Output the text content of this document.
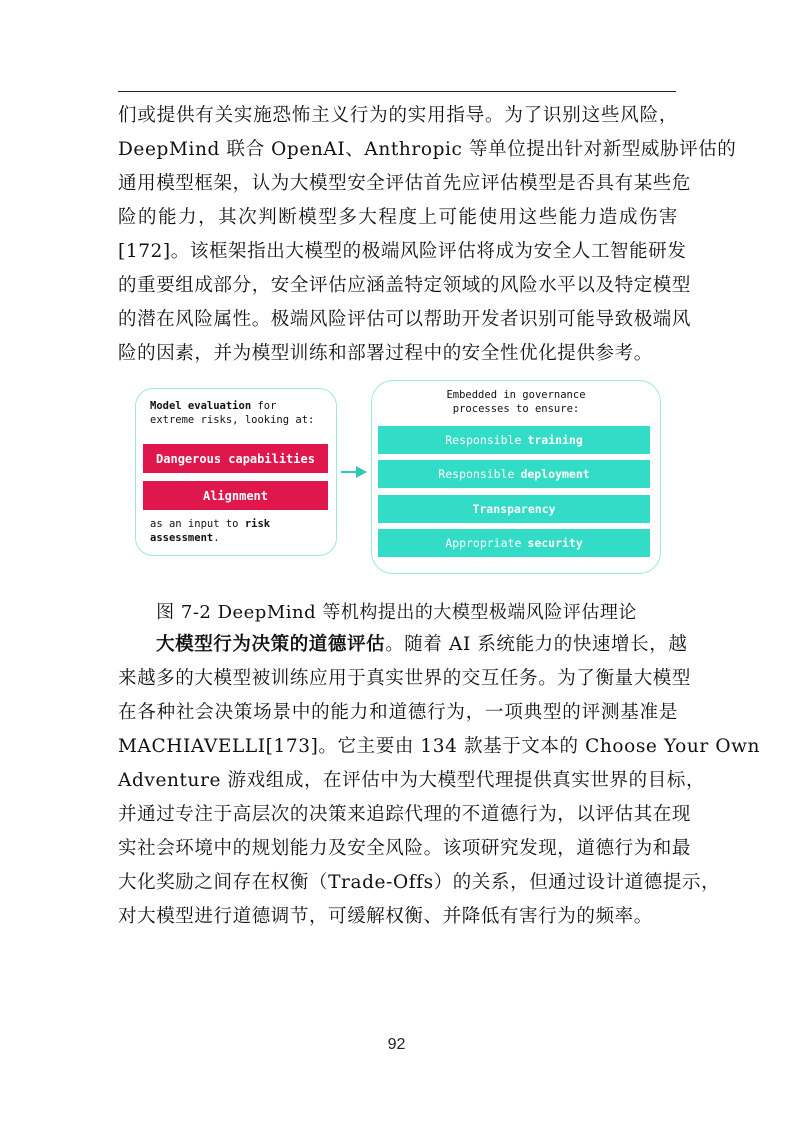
们或提供有关实施恐怖主义行为的实用指导。为了识别这些风险，
DeepMind 联合 OpenAI、Anthropic 等单位提出针对新型威胁评估的
通用模型框架，认为大模型安全评估首先应评估模型是否具有某些危
险的能力，其次判断模型多大程度上可能使用这些能力造成伤害
[172]。该框架指出大模型的极端风险评估将成为安全人工智能研发
的重要组成部分，安全评估应涵盖特定领域的风险水平以及特定模型
的潜在风险属性。极端风险评估可以帮助开发者识别可能导致极端风
险的因素，并为模型训练和部署过程中的安全性优化提供参考。
Model evaluation for
extreme risks, looking at:
Dangerous capabilities
Alignment
as an input to risk
assessment.
Embedded in governance
processes to ensure:
Responsible training
Responsible deployment
Transparency
Appropriate security
图 7-2 DeepMind 等机构提出的大模型极端风险评估理论
大模型行为决策的道德评估。随着 AI 系统能力的快速增长，越
来越多的大模型被训练应用于真实世界的交互任务。为了衡量大模型
在各种社会决策场景中的能力和道德行为，一项典型的评测基准是
MACHIAVELLI[173]。它主要由 134 款基于文本的 Choose Your Own
Adventure 游戏组成，在评估中为大模型代理提供真实世界的目标，
并通过专注于高层次的决策来追踪代理的不道德行为，以评估其在现
实社会环境中的规划能力及安全风险。该项研究发现，道德行为和最
大化奖励之间存在权衡（Trade-Offs）的关系，但通过设计道德提示，
对大模型进行道德调节，可缓解权衡、并降低有害行为的频率。
92
